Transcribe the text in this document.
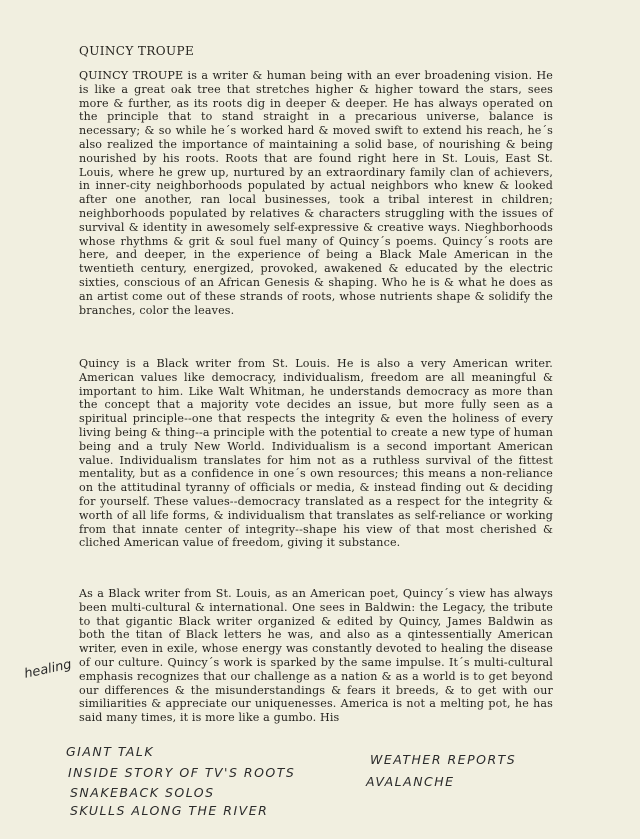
QUINCY TROUPE

QUINCY TROUPE is a writer & human being with an ever broadening vision. He is like a great oak tree that stretches higher & higher toward the stars, sees more & further, as its roots dig in deeper & deeper. He has always operated on the principle that to stand straight in a precarious universe, balance is necessary; & so while he´s worked hard & moved swift to extend his reach, he´s also realized the importance of maintaining a solid base, of nourishing & being nourished by his roots. Roots that are found right here in St. Louis, East St. Louis, where he grew up, nurtured by an extraordinary family clan of achievers, in inner-city neighborhoods populated by actual neighbors who knew & looked after one another, ran local businesses, took a tribal interest in children; neighborhoods populated by relatives & characters struggling with the issues of survival & identity in awesomely self-expressive & creative ways. Nieghborhoods whose rhythms & grit & soul fuel many of Quincy´s poems. Quincy´s roots are here, and deeper, in the experience of being a Black Male American in the twentieth century, energized, provoked, awakened & educated by the electric sixties, conscious of an African Genesis & shaping. Who he is & what he does as an artist come out of these strands of roots, whose nutrients shape & solidify the branches, color the leaves.

Quincy is a Black writer from St. Louis. He is also a very American writer. American values like democracy, individualism, freedom are all meaningful & important to him. Like Walt Whitman, he understands democracy as more than the concept that a majority vote decides an issue, but more fully seen as a spiritual principle--one that respects the integrity & even the holiness of every living being & thing--a principle with the potential to create a new type of human being and a truly New World. Individualism is a second important American value. Individualism translates for him not as a ruthless survival of the fittest mentality, but as a confidence in one´s own resources; this means a non-reliance on the attitudinal tyranny of officials or media, & instead finding out & deciding for yourself. These values--democracy translated as a respect for the integrity & worth of all life forms, & individualism that translates as self-reliance or working from that innate center of integrity--shape his view of that most cherished & cliched American value of freedom, giving it substance.

As a Black writer from St. Louis, as an American poet, Quincy´s view has always been multi-cultural & international. One sees in Baldwin: the Legacy, the tribute to that gigantic Black writer organized & edited by Quincy, James Baldwin as both the titan of Black letters he was, and also as a qintessentially American writer, even in exile, whose energy was constantly devoted to healing the disease of our culture. Quincy´s work is sparked by the same impulse. It´s multi-cultural emphasis recognizes that our challenge as a nation & as a world is to get beyond our differences & the misunderstandings & fears it breeds, & to get with our similiarities & appreciate our uniquenesses. America is not a melting pot, he has said many times, it is more like a gumbo. His

healing
GIANT TALK
INSIDE STORY OF TV'S ROOTS
SNAKEBACK SOLOS
SKULLS ALONG THE RIVER
WEATHER REPORTS
AVALANCHE
